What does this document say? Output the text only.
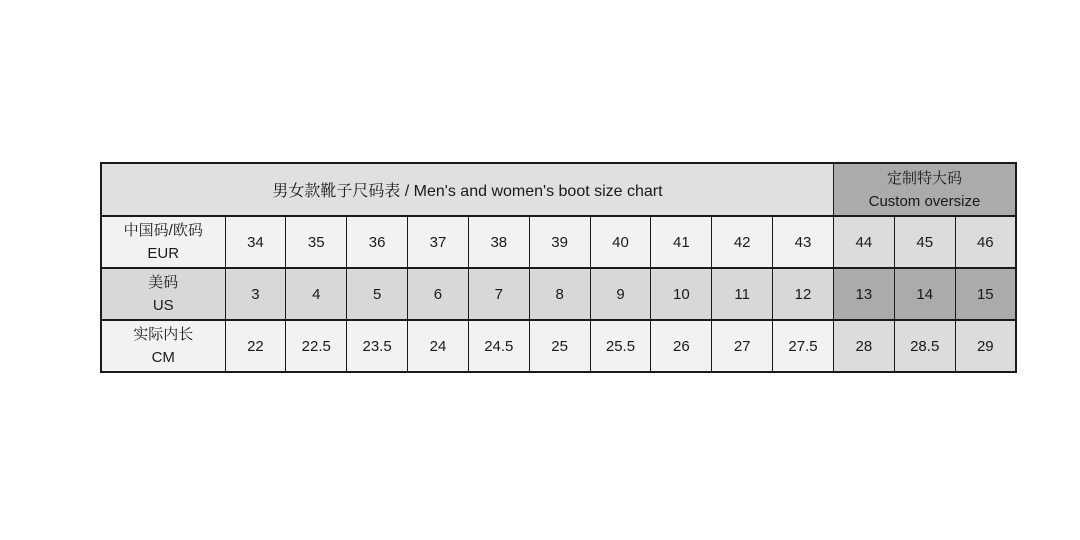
男女款靴子尺码表 / Men's and women's boot size chart											定制特大码
Custom oversize		

中国码/欧码
EUR	34	35	36	37	38	39	40	41	42	43	44	45	46

美码
US	3	4	5	6	7	8	9	10	11	12	13	14	15

实际内长
CM	22	22.5	23.5	24	24.5	25	25.5	26	27	27.5	28	28.5	29
